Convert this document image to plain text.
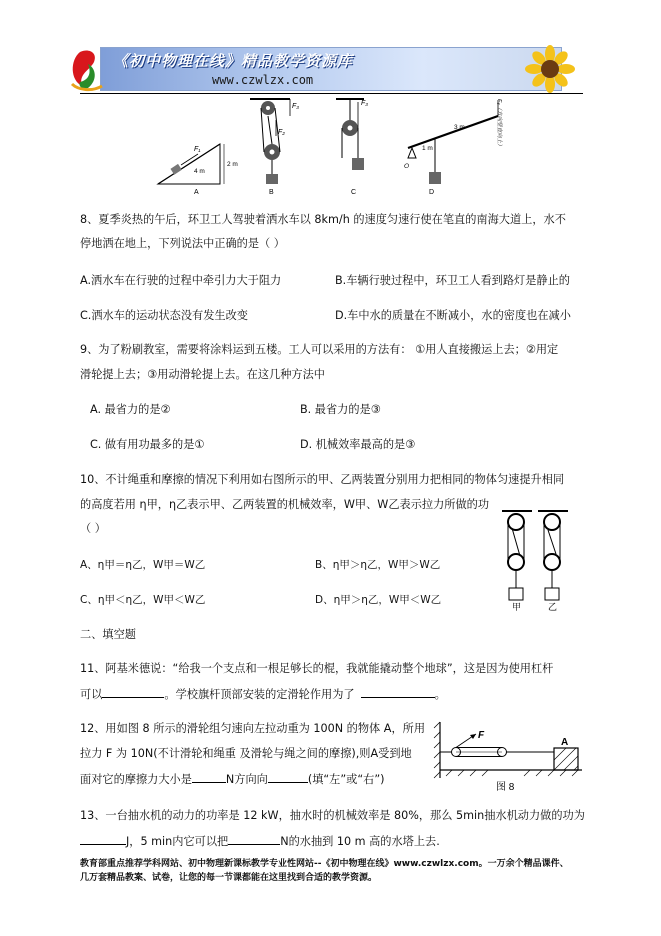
《初中物理在线》精品教学资源库
www.czwlzx.com
F₁
4 m
2 m
F₂
F₃	F₃
O
1 m
3 m	F₄（方向竖直向上）
A	B	C	D
8、夏季炎热的午后，环卫工人驾驶着洒水车以 8km/h 的速度匀速行使在笔直的南海大道上，水不
停地洒在地上，下列说法中正确的是（ ）
A.洒水车在行驶的过程中牵引力大于阻力	B.车辆行驶过程中，环卫工人看到路灯是静止的
C.洒水车的运动状态没有发生改变	D.车中水的质量在不断减小，水的密度也在减小
9、为了粉刷教室，需要将涂料运到五楼。工人可以采用的方法有： ①用人直接搬运上去；②用定
滑轮提上去；③用动滑轮提上去。在这几种方法中
A. 最省力的是②	B. 最省力的是③
C. 做有用功最多的是①	D. 机械效率最高的是③
10、不计绳重和摩擦的情况下利用如右图所示的甲、乙两装置分别用力把相同的物体匀速提升相同
的高度若用 η甲，η乙表示甲、乙两装置的机械效率，W甲、W乙表示拉力所做的功
（ ）
A、η甲＝η乙，W甲＝W乙	B、η甲＞η乙，W甲＞W乙
C、η甲＜η乙，W甲＜W乙	D、η甲＞η乙，W甲＜W乙
甲	乙
二、填空题
11、阿基米德说：“给我一个支点和一根足够长的棍，我就能撬动整个地球”，这是因为使用杠杆
可以	。学校旗杆顶部安装的定滑轮作用为了	。
12、用如图 8 所示的滑轮组匀速向左拉动重为 100N 的物体 A，所用
拉力 F 为 10N(不计滑轮和绳重 及滑轮与绳之间的摩擦),则A受到地
面对它的摩擦力大小是	N方向向	(填“左”或“右”)
F
A
图 8
13、一台抽水机的动力的功率是 12 kW，抽水时的机械效率是 80%，那么 5min抽水机动力做的功为
J，5 min内它可以把	N的水抽到 10 m 高的水塔上去.
教育部重点推荐学科网站、初中物理新课标教学专业性网站--《初中物理在线》www.czwlzx.com。一万余个精品课件、
几万套精品教案、试卷，让您的每一节课都能在这里找到合适的教学资源。
